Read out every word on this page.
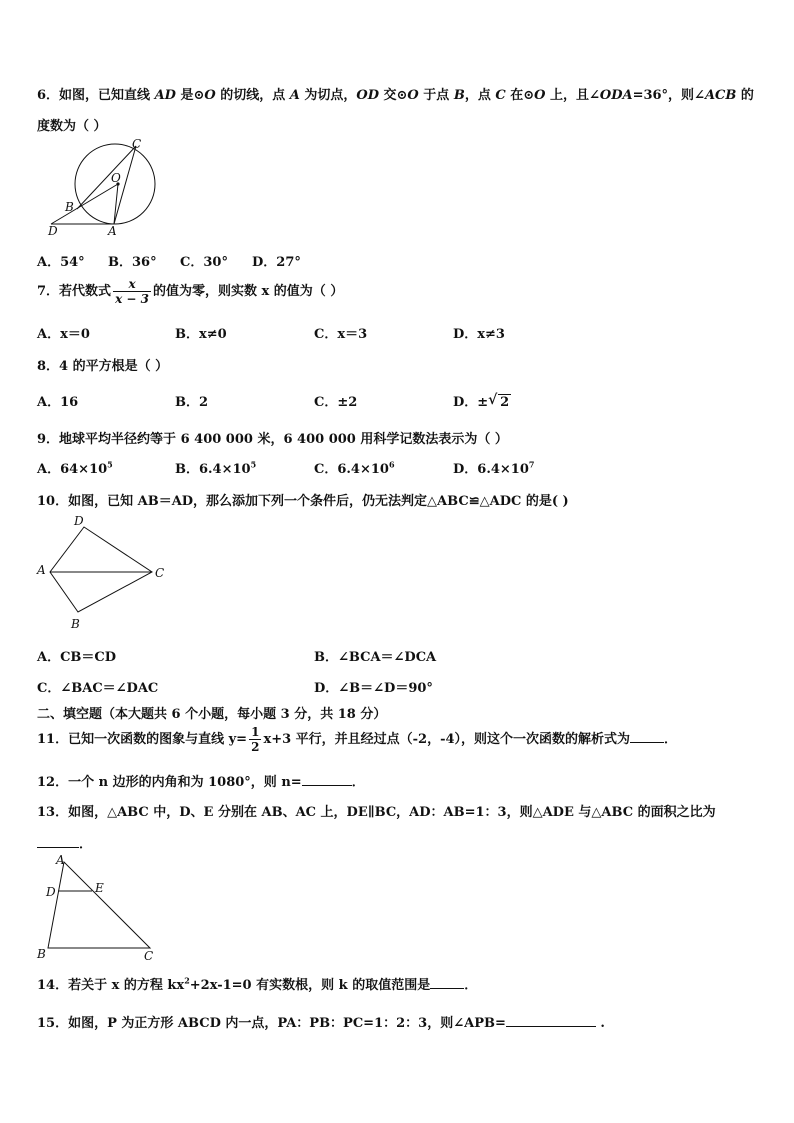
6．如图，已知直线 AD 是⊙O 的切线，点 A 为切点，OD 交⊙O 于点 B，点 C 在⊙O 上，且∠ODA=36°，则∠ACB 的
度数为（ ）
C
O
B
D	A
A．54° B．36° C．30° D．27°
7．若代数式 $\frac{x}{x - 3}$ 的值为零，则实数 x 的值为（ ）
A．x＝0	B．x≠0	C．x＝3	D．x≠3
8．4 的平方根是（ ）
A．16	B．2	C．±2	D．± √ 2
9．地球平均半径约等于 6 400 000 米，6 400 000 用科学记数法表示为（ ）
A．$64\times 10^5$	B．$6.4\times 10^5$	C．$6.4\times 10^6$	D．$6.4\times 10^7$
10．如图，已知 AB＝AD，那么添加下列一个条件后，仍无法判定△ABC≌△ADC 的是( )
D
A	C
B
A．CB＝CD	B．∠BCA＝∠DCA
C．∠BAC＝∠DAC	D．∠B＝∠D＝90°
二、填空题（本大题共 6 个小题，每小题 3 分，共 18 分）
11．已知一次函数的图象与直线 $y= \frac{1}{2} x+3$ 平行，并且经过点（-2，-4），则这个一次函数的解析式为	．
12．一个 n 边形的内角和为 1080°，则 n=	．
13．如图，△ABC 中，D、E 分别在 AB、AC 上，DE∥BC，AD：AB=1：3，则△ADE 与△ABC 的面积之比为
．
A
D	E
B	C
14．若关于 x 的方程 $kx^2+2x-1=0$ 有实数根，则 k 的取值范围是	．
15．如图，P 为正方形 ABCD 内一点，PA：PB：PC=1：2：3，则∠APB=	.
